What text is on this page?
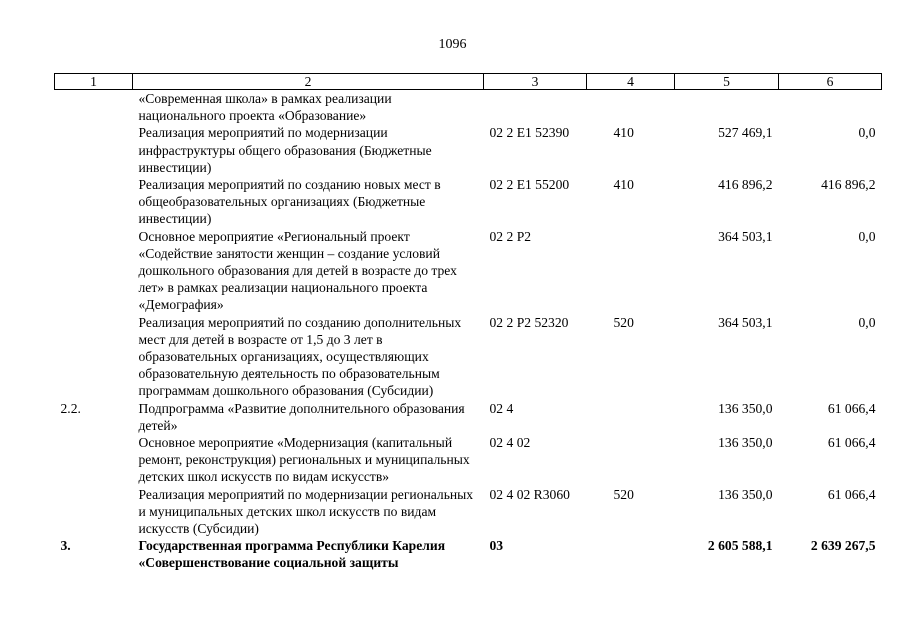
1096
1	2	3	4	5	6
	«Современная школа» в рамках реализации национального проекта «Образование»				
	Реализация мероприятий по модернизации инфраструктуры общего образования (Бюджетные инвестиции)	02 2 E1 52390	410	527 469,1	0,0
	Реализация мероприятий по созданию новых мест в общеобразовательных организациях (Бюджетные инвестиции)	02 2 E1 55200	410	416 896,2	416 896,2
	Основное мероприятие «Региональный проект «Содействие занятости женщин – создание условий дошкольного образования для детей в возрасте до трех лет» в рамках реализации национального проекта «Демография»	02 2 P2		364 503,1	0,0
	Реализация мероприятий по созданию дополнительных мест для детей в возрасте от 1,5 до 3 лет в образовательных организациях, осуществляющих образовательную деятельность по образовательным программам дошкольного образования (Субсидии)	02 2 P2 52320	520	364 503,1	0,0
2.2.	Подпрограмма «Развитие дополнительного образования детей»	02 4		136 350,0	61 066,4
	Основное мероприятие «Модернизация (капитальный ремонт, реконструкция) региональных и муниципальных детских школ искусств по видам искусств»	02 4 02		136 350,0	61 066,4
	Реализация мероприятий по модернизации региональных и муниципальных детских школ искусств по видам искусств (Субсидии)	02 4 02 R3060	520	136 350,0	61 066,4
3.	Государственная программа Республики Карелия «Совершенствование социальной защиты	03		2 605 588,1	2 639 267,5
